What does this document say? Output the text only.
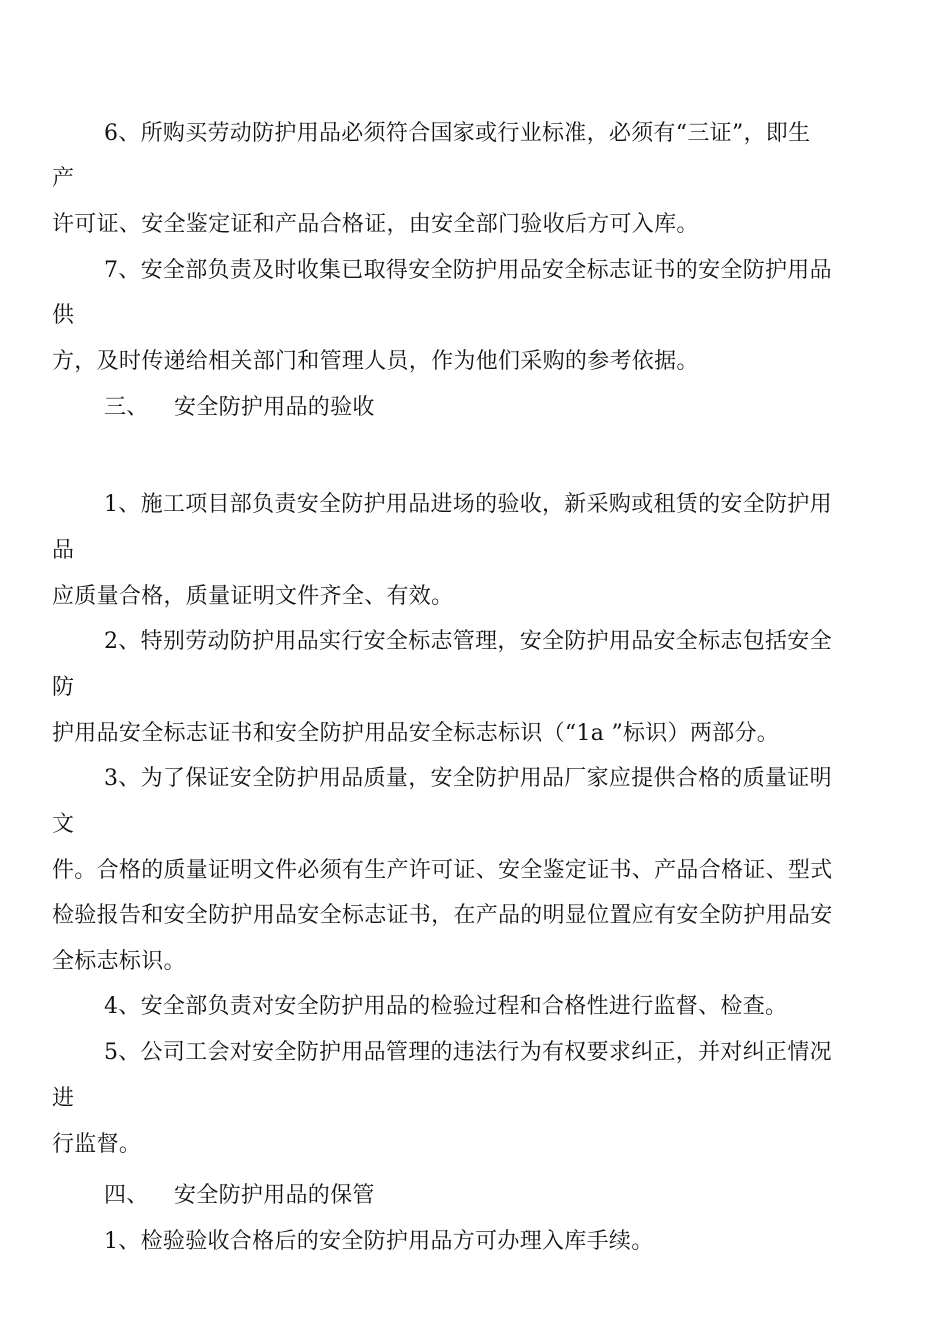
6、所购买劳动防护用品必须符合国家或行业标准，必须有“三证”，即生
产
许可证、安全鉴定证和产品合格证，由安全部门验收后方可入库。
7、安全部负责及时收集已取得安全防护用品安全标志证书的安全防护用品
供
方，及时传递给相关部门和管理人员，作为他们采购的参考依据。
三、 安全防护用品的验收
1、施工项目部负责安全防护用品进场的验收，新采购或租赁的安全防护用
品
应质量合格，质量证明文件齐全、有效。
2、特别劳动防护用品实行安全标志管理，安全防护用品安全标志包括安全
防
护用品安全标志证书和安全防护用品安全标志标识（“1a ”标识）两部分。
3、为了保证安全防护用品质量，安全防护用品厂家应提供合格的质量证明
文
件。合格的质量证明文件必须有生产许可证、安全鉴定证书、产品合格证、型式
检验报告和安全防护用品安全标志证书，在产品的明显位置应有安全防护用品安
全标志标识。
4、安全部负责对安全防护用品的检验过程和合格性进行监督、检查。
5、公司工会对安全防护用品管理的违法行为有权要求纠正，并对纠正情况
进
行监督。
四、 安全防护用品的保管
1、检验验收合格后的安全防护用品方可办理入库手续。
